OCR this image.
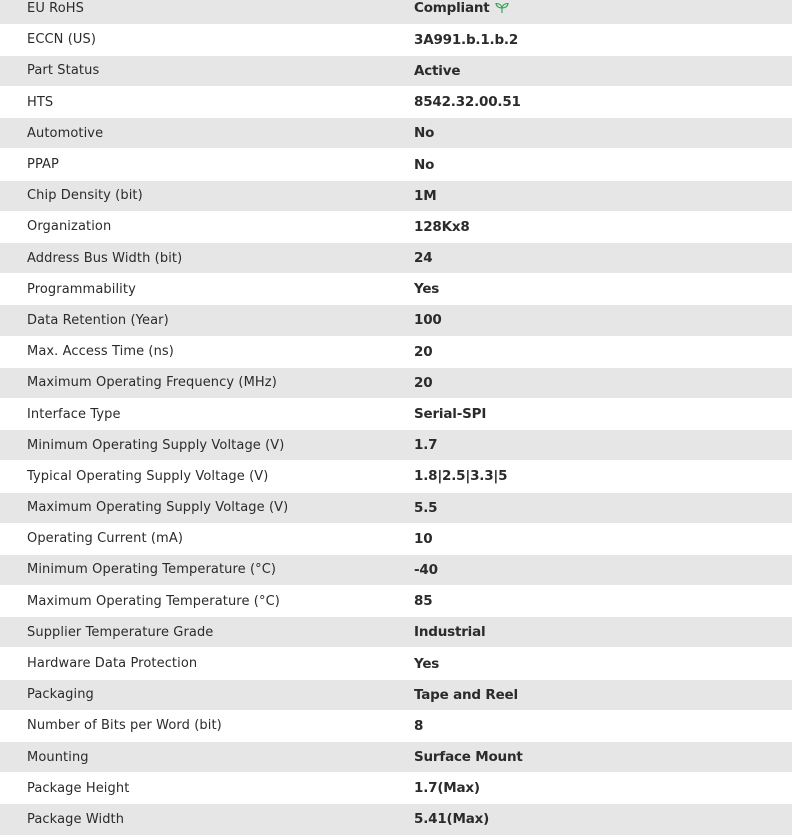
EU RoHS	Compliant
ECCN (US)	3A991.b.1.b.2
Part Status	Active
HTS	8542.32.00.51
Automotive	No
PPAP	No
Chip Density (bit)	1M
Organization	128Kx8
Address Bus Width (bit)	24
Programmability	Yes
Data Retention (Year)	100
Max. Access Time (ns)	20
Maximum Operating Frequency (MHz)	20
Interface Type	Serial-SPI
Minimum Operating Supply Voltage (V)	1.7
Typical Operating Supply Voltage (V)	1.8|2.5|3.3|5
Maximum Operating Supply Voltage (V)	5.5
Operating Current (mA)	10
Minimum Operating Temperature (°C)	-40
Maximum Operating Temperature (°C)	85
Supplier Temperature Grade	Industrial
Hardware Data Protection	Yes
Packaging	Tape and Reel
Number of Bits per Word (bit)	8
Mounting	Surface Mount
Package Height	1.7(Max)
Package Width	5.41(Max)
